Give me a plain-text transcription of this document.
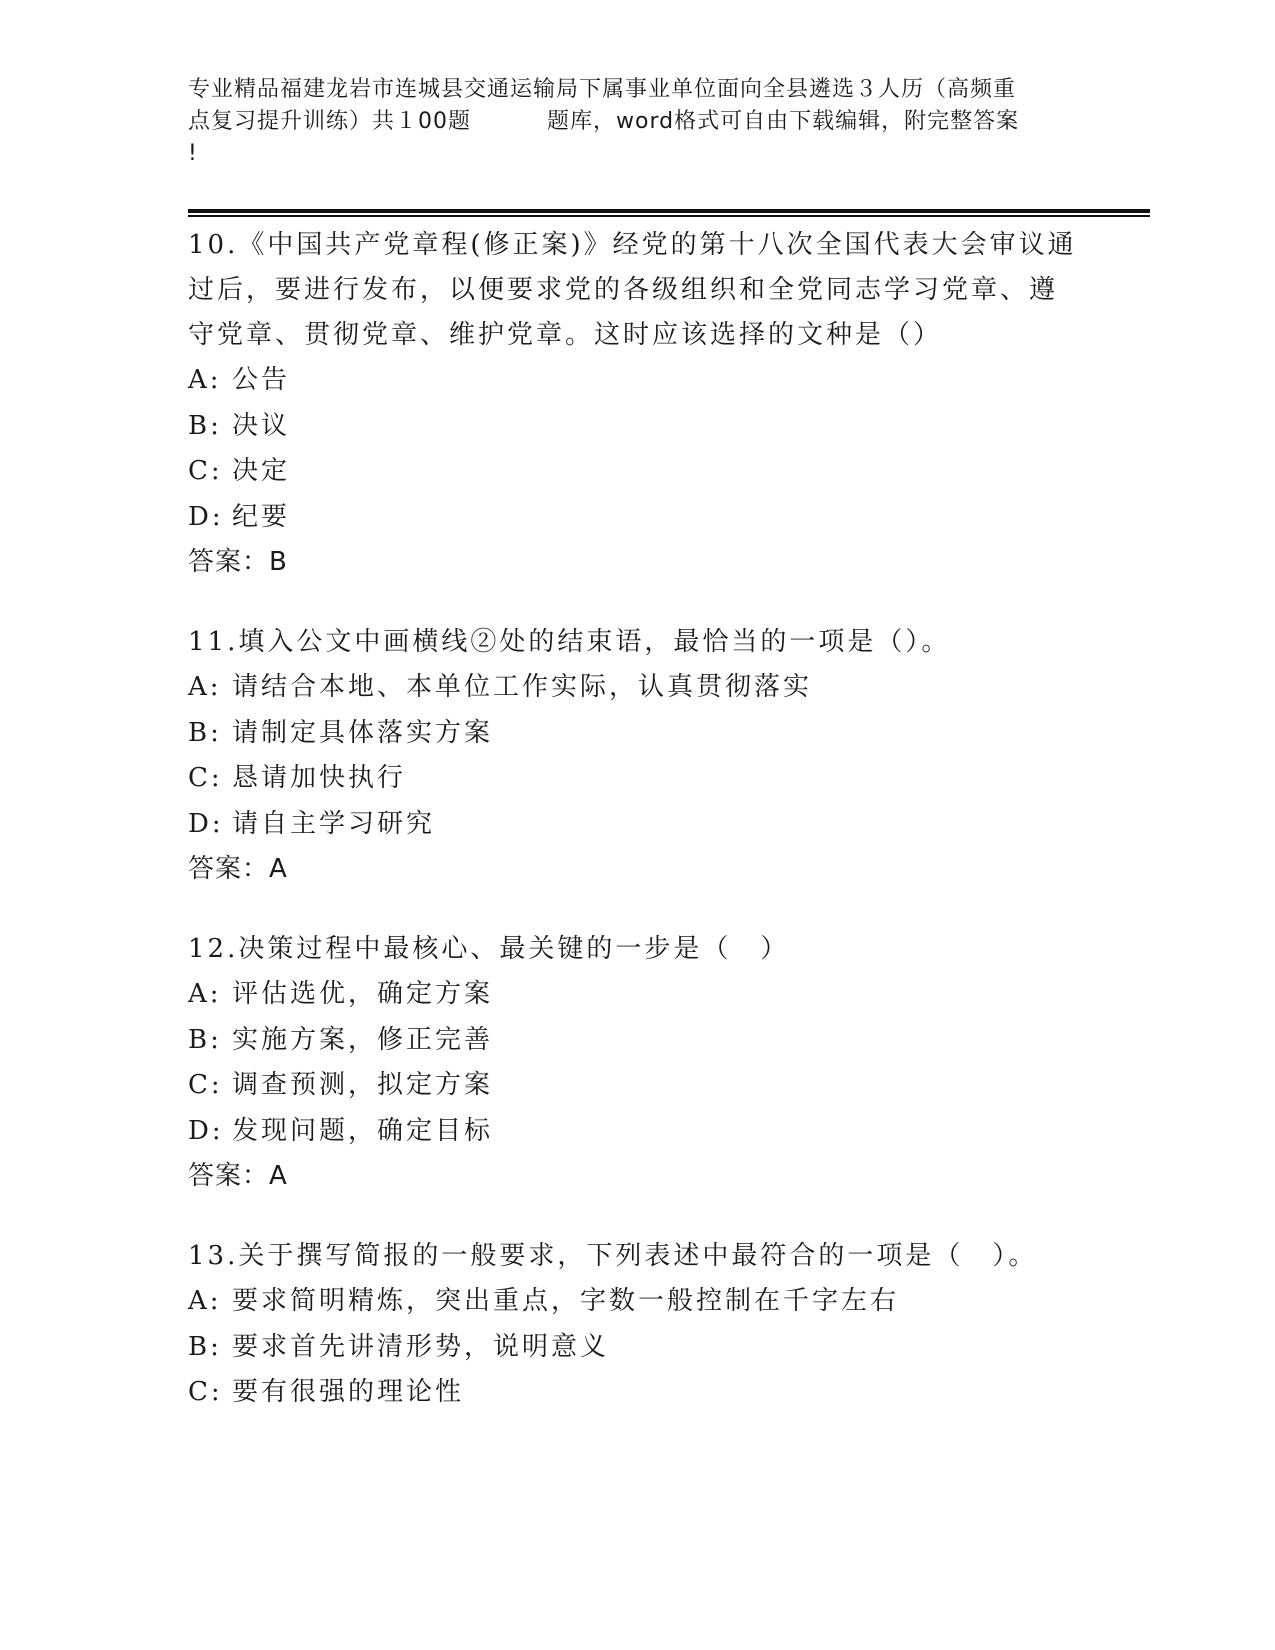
专业精品福建龙岩市连城县交通运输局下属事业单位面向全县遴选３人历（高频重
点复习提升训练）共１00题	题库，word格式可自由下载编辑，附完整答案
!
10.《中国共产党章程(修正案)》经党的第十八次全国代表大会审议通
过后，要进行发布，以便要求党的各级组织和全党同志学习党章、遵
守党章、贯彻党章、维护党章。这时应该选择的文种是（）
A: 公告
B: 决议
C: 决定
D: 纪要
答案：B
11.填入公文中画横线②处的结束语，最恰当的一项是（）。
A: 请结合本地、本单位工作实际，认真贯彻落实
B: 请制定具体落实方案
C: 恳请加快执行
D: 请自主学习研究
答案：A
12.决策过程中最核心、最关键的一步是（　）
A: 评估选优，确定方案
B: 实施方案，修正完善
C: 调查预测，拟定方案
D: 发现问题，确定目标
答案：A
13.关于撰写简报的一般要求，下列表述中最符合的一项是（　）。
A: 要求简明精炼，突出重点，字数一般控制在千字左右
B: 要求首先讲清形势，说明意义
C: 要有很强的理论性
